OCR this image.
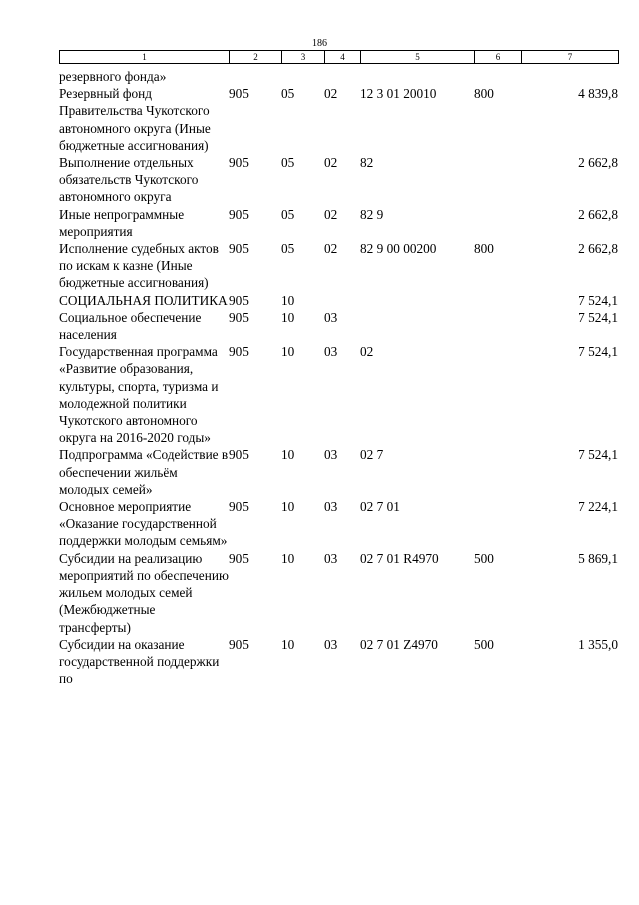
186
1	2	3	4	5	6	7
резервного фонда»						
Резервный фонд Правительства Чукотского автономного округа (Иные бюджетные ассигнования)	905	05	02	12 3 01 20010	800	4 839,8
Выполнение отдельных обязательств Чукотского автономного округа	905	05	02	82		2 662,8
Иные непрограммные мероприятия	905	05	02	82 9		2 662,8
Исполнение судебных актов по искам к казне (Иные бюджетные ассигнования)	905	05	02	82 9 00 00200	800	2 662,8
СОЦИАЛЬНАЯ ПОЛИТИКА	905	10				7 524,1
Социальное обеспечение населения	905	10	03			7 524,1
Государственная программа «Развитие образования, культуры, спорта, туризма и молодежной политики Чукотского автономного округа на 2016-2020 годы»	905	10	03	02		7 524,1
Подпрограмма «Содействие в обеспечении жильём молодых семей»	905	10	03	02 7		7 524,1
Основное мероприятие «Оказание государственной поддержки молодым семьям»	905	10	03	02 7 01		7 224,1
Субсидии на реализацию мероприятий по обеспечению жильем молодых семей (Межбюджетные трансферты)	905	10	03	02 7 01 R4970	500	5 869,1
Субсидии на оказание государственной поддержки по	905	10	03	02 7 01 Z4970	500	1 355,0
